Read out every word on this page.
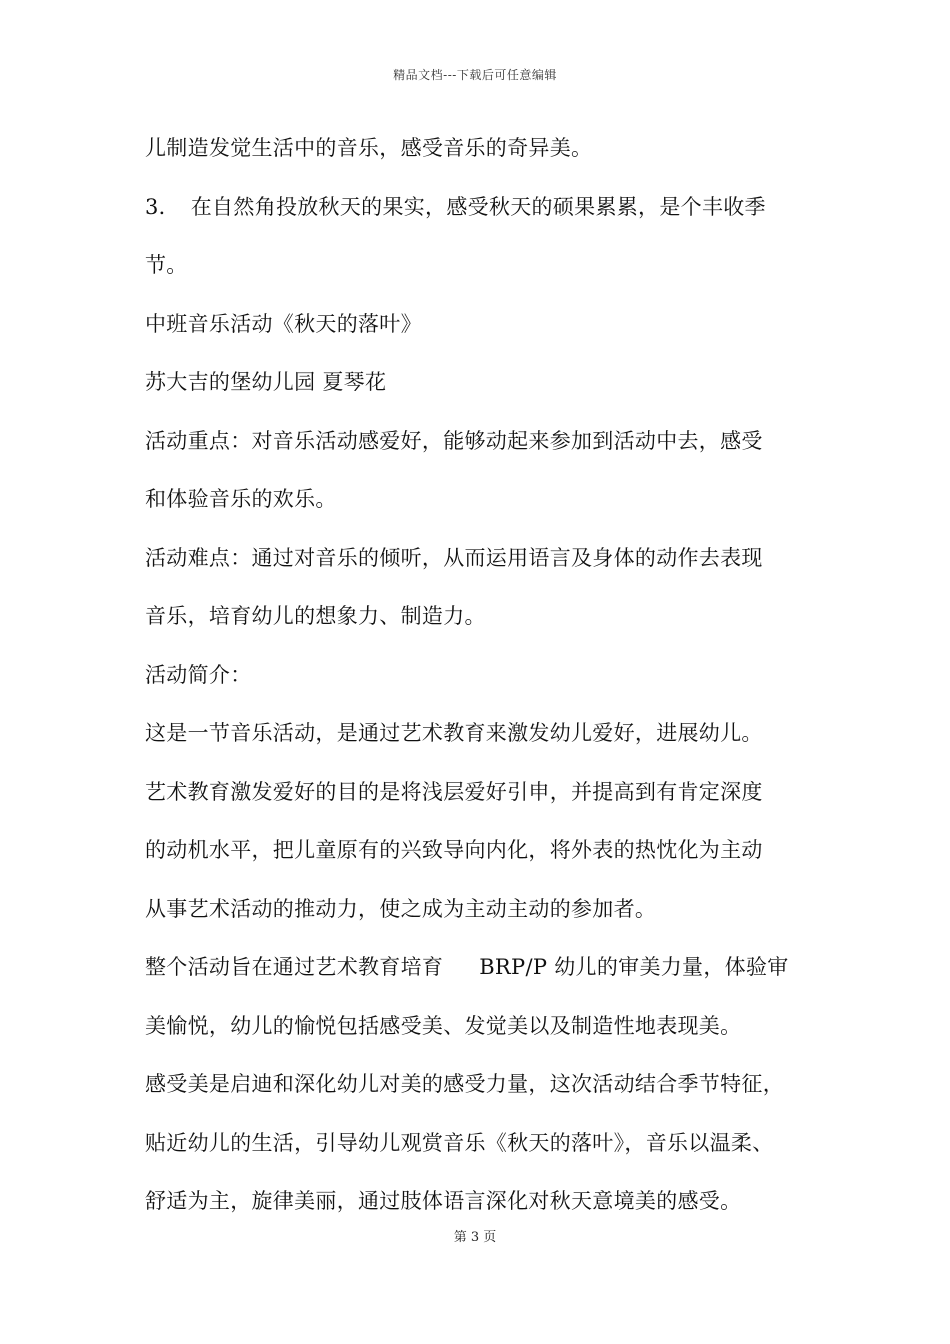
精品文档---下载后可任意编辑
儿制造发觉生活中的音乐，感受音乐的奇异美。
3．　在自然角投放秋天的果实，感受秋天的硕果累累，是个丰收季
节。
中班音乐活动《秋天的落叶》
苏大吉的堡幼儿园 夏琴花
活动重点：对音乐活动感爱好，能够动起来参加到活动中去，感受
和体验音乐的欢乐。
活动难点：通过对音乐的倾听，从而运用语言及身体的动作去表现
音乐，培育幼儿的想象力、制造力。
活动简介：
这是一节音乐活动，是通过艺术教育来激发幼儿爱好，进展幼儿。
艺术教育激发爱好的目的是将浅层爱好引申，并提高到有肯定深度
的动机水平，把儿童原有的兴致导向内化，将外表的热忱化为主动
从事艺术活动的推动力，使之成为主动主动的参加者。
整个活动旨在通过艺术教育培育 BRP/P 幼儿的审美力量，体验审
美愉悦，幼儿的愉悦包括感受美、发觉美以及制造性地表现美。
感受美是启迪和深化幼儿对美的感受力量，这次活动结合季节特征，
贴近幼儿的生活，引导幼儿观赏音乐《秋天的落叶》，音乐以温柔、
舒适为主，旋律美丽，通过肢体语言深化对秋天意境美的感受。
第 3 页
